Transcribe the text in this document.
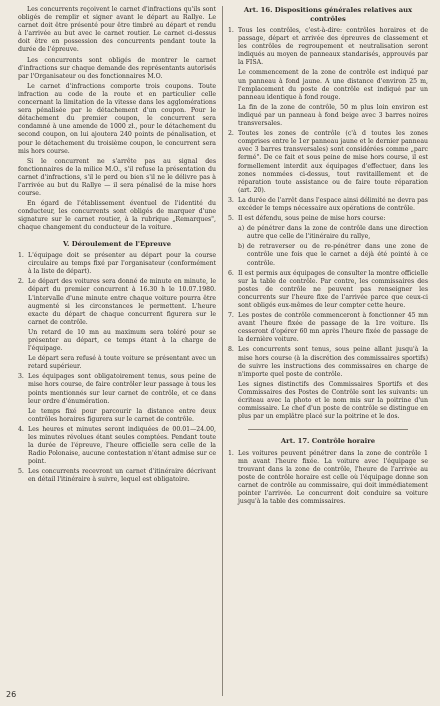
Les concurrents reçoivent le carnet d'infractions qu'ils sont obligés de remplir et signer avant le départ au Rallye. Le carnet doit être présenté pour être timbré au départ et rendu à l'arrivée au but avec le carnet routier. Le carnet ci-dessus doit être en possession des concurrents pendant toute la durée de l'épreuve.

Les concurrents sont obligés de montrer le carnet d'infractions sur chaque demande des représentants autorisés par l'Organisateur ou des fonctionnaires M.O.

Le carnet d'infractions comporte trois coupons. Toute infraction au code de la route et en particulier celle concernant la limitation de la vitesse dans les agglomérations sera pénalisée par le détachement d'un coupon. Pour le détachement du premier coupon, le concurrent sera condamné à une amende de 1000 zł., pour le détachement du second coupon, on lui ajoutera 240 points de pénalisation, et pour le détachement du troisième coupon, le concurrent sera mis hors course.

Si le concurrent ne s'arrête pas au signal des fonctionnaires de la milice M.O., s'il refuse la présentation du carnet d'infractions, s'il le perd ou bien s'il ne le délivre pas à l'arrivée au but du Rallye — il sera pénalisé de la mise hors course.

En égard de l'établissement éventuel de l'identité du conducteur, les concurrents sont obligés de marquer d'une signature sur le carnet routier, à la rubrique „Remarques", chaque changement du conducteur de la voiture.

V. Déroulement de l'Epreuve
1. L'équipage doit se présenter au départ pour la course circulaire au temps fixé par l'organisateur (conformément à la liste de départ).
2. Le départ des voitures sera donné de minute en minute, le départ du premier concurrent à 16.30 h le 10.07.1980. L'intervalle d'une minute entre chaque voiture pourra être augmenté si les circonstances le permettent. L'heure exacte du départ de chaque concurrent figurera sur le carnet de contrôle.
Un retard de 10 mn au maximum sera toléré pour se présenter au départ, ce temps étant à la charge de l'équipage.
Le départ sera refusé à toute voiture se présentant avec un retard supérieur.
3. Les équipages sont obligatoirement tenus, sous peine de mise hors course, de faire contrôler leur passage à tous les points mentionnés sur leur carnet de contrôle, et ce dans leur ordre d'énumération.
Le temps fixé pour parcourir la distance entre deux contrôles horaires figurera sur le carnet de contrôle.
4. Les heures et minutes seront indiquées de 00.01—24.00, les minutes révolues étant seules comptées. Pendant toute la durée de l'épreuve, l'heure officielle sera celle de la Radio Polonaise, aucune contestation n'étant admise sur ce point.
5. Les concurrents recevront un carnet d'itinéraire décrivant en détail l'itinéraire à suivre, lequel est obligatoire.
Art. 16. Dispositions générales relatives aux contrôles
1. Tous les contrôles, c'est-à-dire: contrôles horaires et de passage, départ et arrivée des épreuves de classement et les contrôles de regroupement et neutralisation seront indiqués au moyen de panneaux standarisés, approuvés par la FISA.
Le commencement de la zone de contrôle est indiqué par un panneau à fond jaune. A une distance d'environ 25 m, l'emplacement du poste de contrôle est indiqué par un panneau identique à fond rouge.
La fin de la zone de contrôle, 50 m plus loin environ est indiqué par un panneau à fond beige avec 3 barres noires transversales.
2. Toutes les zones de contrôle (c'à d toutes les zones comprises entre le 1er panneau jaune et le dernier panneau avec 3 barres transversales) sont considérées comme „parc fermé". De ce fait et sous peine de mise hors course, il est formellement interdit aux équipages d'effectuer, dans les zones nommées ci-dessus, tout ravitaillement et de réparation toute assistance ou de faire toute réparation (art. 20).
3. La durée de l'arrêt dans l'espace ainsi délimité ne devra pas excéder le temps nécessaire aux opérations de contrôle.
5. Il est défendu, sous peine de mise hors course:
a) de pénétrer dans la zone de contrôle dans une direction autre que celle de l'itinéraire du rallye,
b) de retraverser ou de re-pénétrer dans une zone de contrôle une fois que le carnet a déjà été pointé à ce contrôle.
6. Il est permis aux équipages de consulter la montre officielle sur la table de contrôle. Par contre, les commissaires des postes de contrôle ne peuvent pas renseigner les concurrents sur l'heure fixe de l'arrivée parce que ceux-ci sont obligés eux-mêmes de leur compter cette heure.
7. Les postes de contrôle commenceront à fonctionner 45 mn avant l'heure fixée de passage de la 1re voiture. Ils cesseront d'opérer 60 mn après l'heure fixée de passage de la dernière voiture.
8. Les concurrents sont tenus, sous peine allant jusqu'à la mise hors course (à la discrétion des commissaires sportifs) de suivre les instructions des commissaires en charge de n'importe quel poste de contrôle.
Les signes distinctifs des Commissaires Sportifs et des Commissaires des Postes de Contrôle sont les suivants: un écriteau avec la photo et le nom mis sur la poitrine d'un commissaire. Le chef d'un poste de contrôle se distingue en plus par un emplâtre placé sur la poitrine et le dos.
Art. 17. Contrôle horaire
1. Les voitures peuvent pénétrer dans la zone de contrôle 1 mn avant l'heure fixée. La voiture avec l'équipage se trouvant dans la zone de contrôle, l'heure de l'arrivée au poste de contrôle horaire est celle où l'équipage donne son carnet de contrôle au commissaire, qui doit immédiatement pointer l'arrivée. Le concurrent doit conduire sa voiture jusqu'à la table des commissaires.
26
